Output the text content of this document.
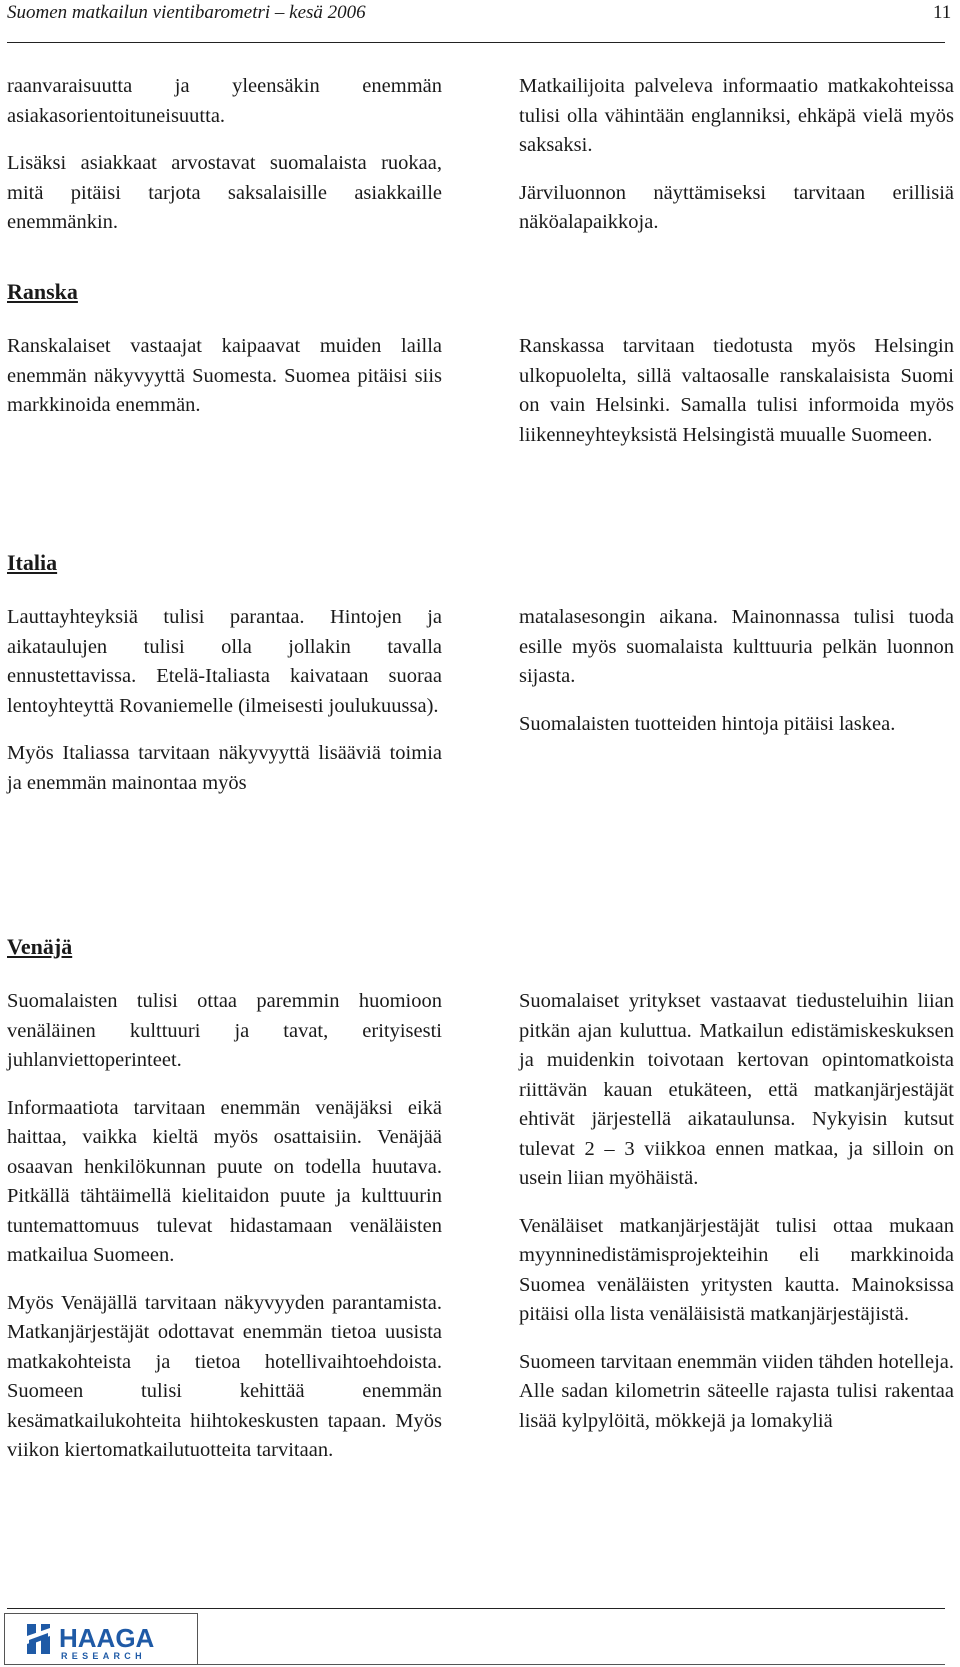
Suomen matkailun vientibarometri – kesä 2006	11

raanvaraisuutta ja yleensäkin enemmän asiakasorientoituneisuutta.

Lisäksi asiakkaat arvostavat suomalaista ruokaa, mitä pitäisi tarjota saksalaisille asiakkaille enemmänkin.

Matkailijoita palveleva informaatio matkakohteissa tulisi olla vähintään englanniksi, ehkäpä vielä myös saksaksi.

Järviluonnon näyttämiseksi tarvitaan erillisiä näköalapaikkoja.

Ranska

Ranskalaiset vastaajat kaipaavat muiden lailla enemmän näkyvyyttä Suomesta. Suomea pitäisi siis markkinoida enemmän.

Ranskassa tarvitaan tiedotusta myös Helsingin ulkopuolelta, sillä valtaosalle ranskalaisista Suomi on vain Helsinki. Samalla tulisi informoida myös liikenneyhteyksistä Helsingistä muualle Suomeen.

Italia

Lauttayhteyksiä tulisi parantaa. Hintojen ja aikataulujen tulisi olla jollakin tavalla ennustettavissa. Etelä-Italiasta kaivataan suoraa lentoyhteyttä Rovaniemelle (ilmeisesti joulukuussa).

Myös Italiassa tarvitaan näkyvyyttä lisääviä toimia ja enemmän mainontaa myös

matalasesongin aikana. Mainonnassa tulisi tuoda esille myös suomalaista kulttuuria pelkän luonnon sijasta.

Suomalaisten tuotteiden hintoja pitäisi laskea.

Venäjä

Suomalaisten tulisi ottaa paremmin huomioon venäläinen kulttuuri ja tavat, erityisesti juhlanviettoperinteet.

Informaatiota tarvitaan enemmän venäjäksi eikä haittaa, vaikka kieltä myös osattaisiin. Venäjää osaavan henkilökunnan puute on todella huutava. Pitkällä tähtäimellä kielitaidon puute ja kulttuurin tuntemattomuus tulevat hidastamaan venäläisten matkailua Suomeen.

Myös Venäjällä tarvitaan näkyvyyden parantamista. Matkanjärjestäjät odottavat enemmän tietoa uusista matkakohteista ja tietoa hotellivaihtoehdoista. Suomeen tulisi kehittää enemmän kesämatkailukohteita hiihtokeskusten tapaan. Myös viikon kiertomatkailutuotteita tarvitaan.

Suomalaiset yritykset vastaavat tiedusteluihin liian pitkän ajan kuluttua. Matkailun edistämiskeskuksen ja muidenkin toivotaan kertovan opintomatkoista riittävän kauan etukäteen, että matkanjärjestäjät ehtivät järjestellä aikataulunsa. Nykyisin kutsut tulevat 2 – 3 viikkoa ennen matkaa, ja silloin on usein liian myöhäistä.

Venäläiset matkanjärjestäjät tulisi ottaa mukaan myynninedistämisprojekteihin eli markkinoida Suomea venäläisten yritysten kautta. Mainoksissa pitäisi olla lista venäläisistä matkanjärjestäjistä.

Suomeen tarvitaan enemmän viiden tähden hotelleja. Alle sadan kilometrin säteelle rajasta tulisi rakentaa lisää kylpylöitä, mökkejä ja lomakyliä

HAAGA
RESEARCH
